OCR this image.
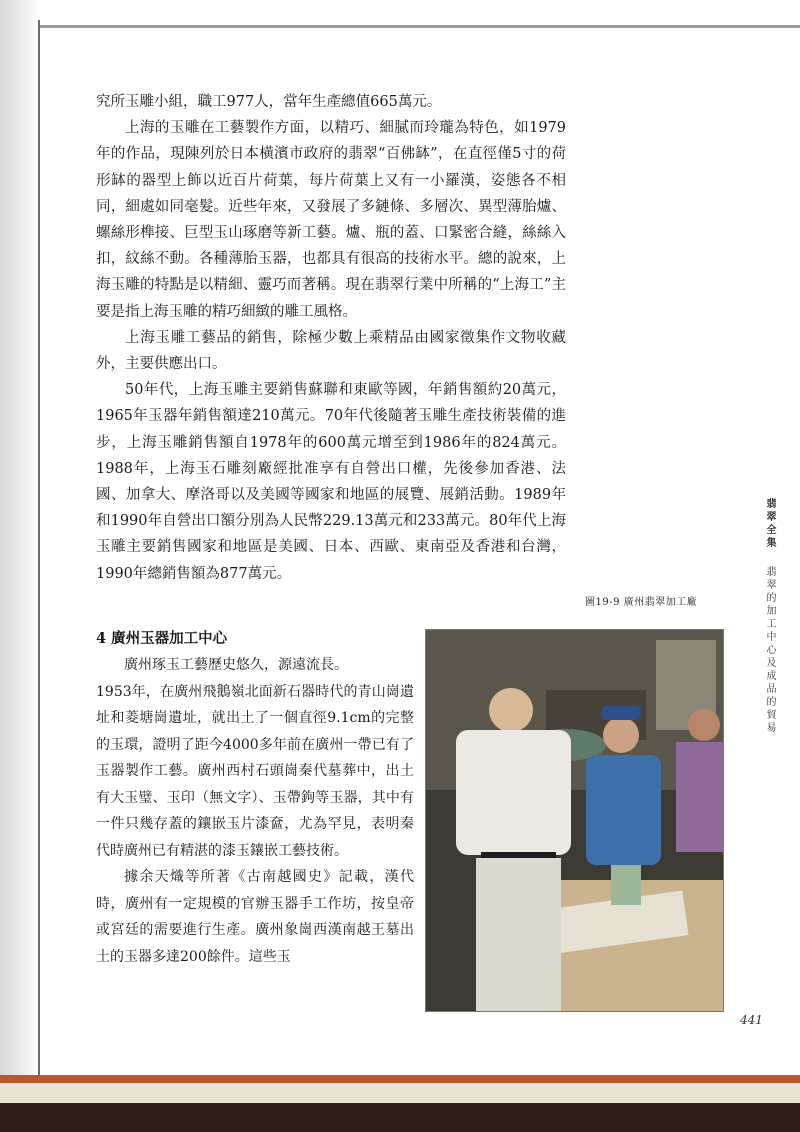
究所玉雕小組，職工977人，當年生產總值665萬元。

上海的玉雕在工藝製作方面，以精巧、細膩而玲瓏為特色，如1979年的作品，現陳列於日本橫濱市政府的翡翠“百佛缽”，在直徑僅5寸的荷形缽的器型上飾以近百片荷葉，每片荷葉上又有一小羅漢，姿態各不相同，細處如同毫髮。近些年來，又發展了多鏈條、多層次、異型薄胎爐、螺絲形榫接、巨型玉山琢磨等新工藝。爐、瓶的蓋、口緊密合縫，絲絲入扣，紋絲不動。各種薄胎玉器，也都具有很高的技術水平。總的說來，上海玉雕的特點是以精細、靈巧而著稱。現在翡翠行業中所稱的“上海工”主要是指上海玉雕的精巧細緻的雕工風格。

上海玉雕工藝品的銷售，除極少數上乘精品由國家徵集作文物收藏外，主要供應出口。

50年代，上海玉雕主要銷售蘇聯和東歐等國，年銷售額約20萬元，1965年玉器年銷售額達210萬元。70年代後隨著玉雕生產技術裝備的進步，上海玉雕銷售額自1978年的600萬元增至到1986年的824萬元。1988年，上海玉石雕刻廠經批准享有自營出口權，先後參加香港、法國、加拿大、摩洛哥以及美國等國家和地區的展覽、展銷活動。1989年和1990年自營出口額分別為人民幣229.13萬元和233萬元。80年代上海玉雕主要銷售國家和地區是美國、日本、西歐、東南亞及香港和台灣，1990年總銷售額為877萬元。

圖19-9 廣州翡翠加工廠
4 廣州玉器加工中心

廣州琢玉工藝歷史悠久，源遠流長。

1953年，在廣州飛鵝嶺北面新石器時代的青山崗遺址和菱塘崗遺址，就出土了一個直徑9.1cm的完整的玉環，證明了距今4000多年前在廣州一帶已有了玉器製作工藝。廣州西村石頭崗秦代墓葬中，出土有大玉璧、玉印（無文字）、玉帶鉤等玉器，其中有一件只幾存蓋的鑲嵌玉片漆奩，尤為罕見，表明秦代時廣州已有精湛的漆玉鑲嵌工藝技術。

據余天熾等所著《古南越國史》記載，漢代時，廣州有一定規模的官辦玉器手工作坊，按皇帝或宮廷的需要進行生產。廣州象崗西漢南越王墓出土的玉器多達200餘件。這些玉

翡翠全集
翡翠的加工中心及成品的貿易
441
